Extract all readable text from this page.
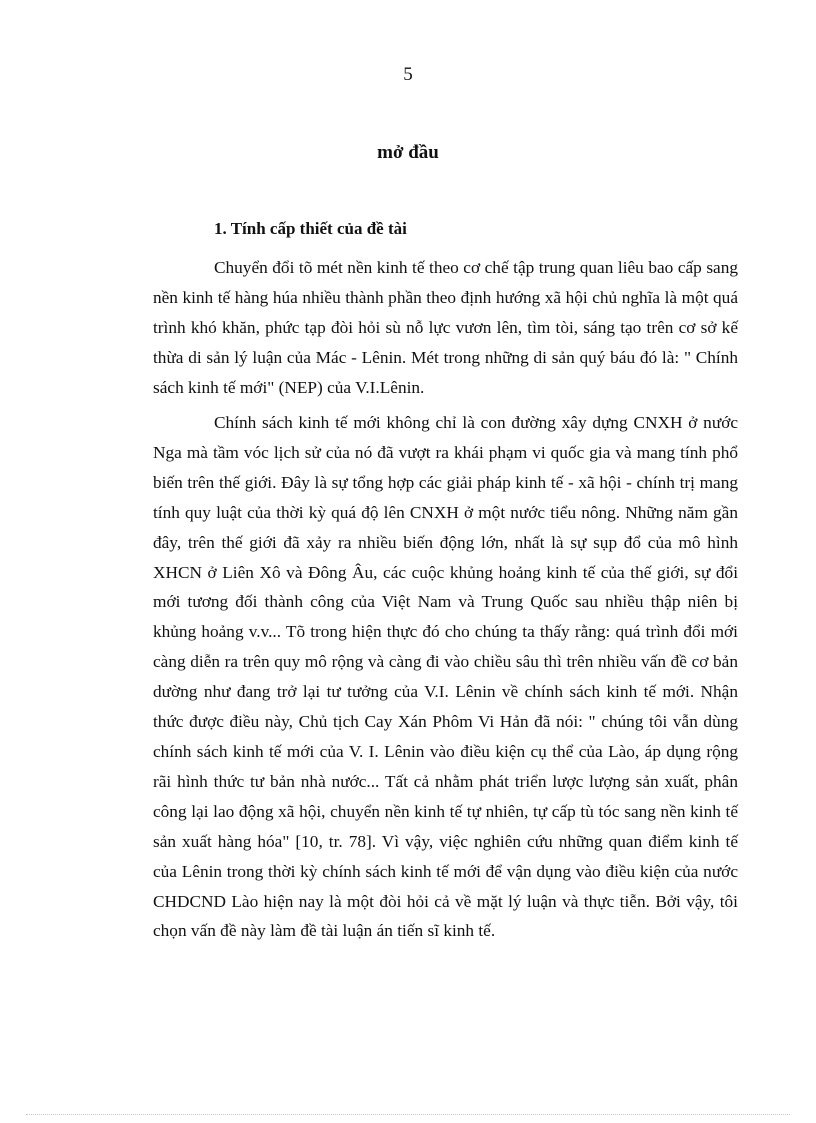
5
mở đầu
1. Tính cấp thiết của đề tài

Chuyển đổi tõ mét nền kinh tế theo cơ chế tập trung quan liêu bao cấp sang nền kinh tế hàng húa nhiều thành phần theo định hướng xã hội chủ nghĩa là một quá trình khó khăn, phức tạp đòi hỏi sù nỗ lực vươn lên, tìm tòi, sáng tạo trên cơ sở kế thừa di sản lý luận của Mác - Lênin. Mét trong những di sản quý báu đó là: " Chính sách kinh tế mới" (NEP) của V.I.Lênin.

Chính sách kinh tế mới không chỉ là con đường xây dựng CNXH ở nước Nga mà tầm vóc lịch sử của nó đã vượt ra khái phạm vi quốc gia và mang tính phổ biến trên thế giới. Đây là sự tổng hợp các giải pháp kinh tế - xã hội - chính trị mang tính quy luật của thời kỳ quá độ lên CNXH ở một nước tiểu nông. Những năm gần đây, trên thế giới đã xảy ra nhiều biến động lớn, nhất là sự sụp đổ của mô hình XHCN ở Liên Xô và Đông Âu, các cuộc khủng hoảng kinh tế của thế giới, sự đổi mới tương đối thành công của Việt Nam và Trung Quốc sau nhiều thập niên bị khủng hoảng v.v... Tõ trong hiện thực đó cho chúng ta thấy rằng: quá trình đổi mới càng diễn ra trên quy mô rộng và càng đi vào chiều sâu thì trên nhiều vấn đề cơ bản dường như đang trở lại tư tưởng của V.I. Lênin về chính sách kinh tế mới. Nhận thức được điều này, Chủ tịch Cay Xán Phôm Vi Hản đã nói: " chúng tôi vẫn dùng chính sách kinh tế mới của V. I. Lênin vào điều kiện cụ thể của Lào, áp dụng rộng rãi hình thức tư bản nhà nước... Tất cả nhằm phát triển lược lượng sản xuất, phân công lại lao động xã hội, chuyển nền kinh tế tự nhiên, tự cấp tù tóc sang nền kinh tế sản xuất hàng hóa" [10, tr. 78]. Vì vậy, việc nghiên cứu những quan điểm kinh tế của Lênin trong thời kỳ chính sách kinh tế mới để vận dụng vào điều kiện của nước CHDCND Lào hiện nay là một đòi hỏi cả về mặt lý luận và thực tiễn. Bởi vậy, tôi chọn vấn đề này làm đề tài luận án tiến sĩ kinh tế.
